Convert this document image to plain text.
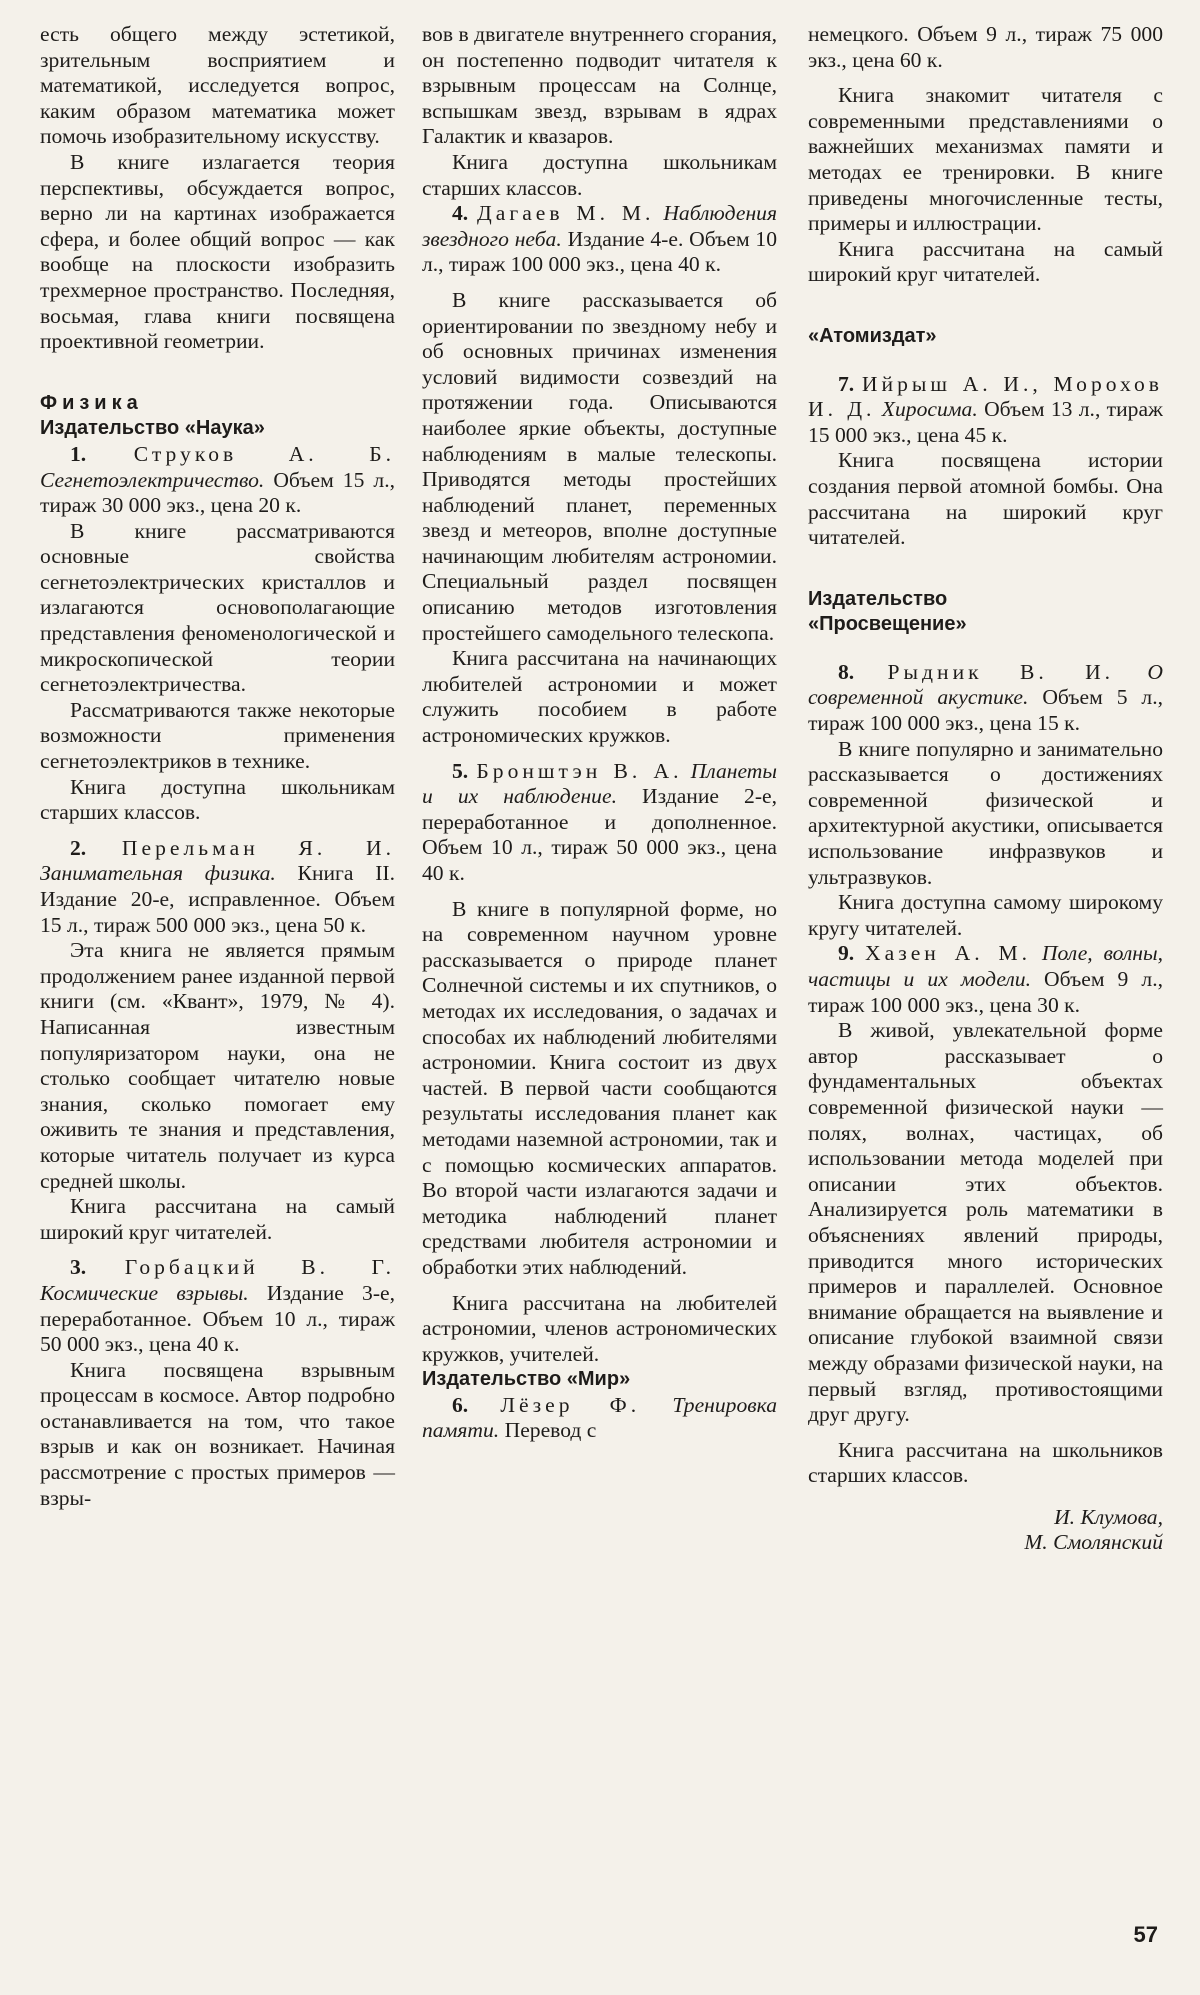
есть общего между эстетикой, зрительным восприятием и математикой, исследуется вопрос, каким образом математика может помочь изобразительному искусству.

В книге излагается теория перспективы, обсуждается вопрос, верно ли на картинах изображается сфера, и более общий вопрос — как вообще на плоскости изобразить трехмерное пространство. Последняя, восьмая, глава книги посвящена проективной геометрии.

Физика

Издательство «Наука»

1. Струков А. Б. Сегнетоэлектричество. Объем 15 л., тираж 30 000 экз., цена 20 к.

В книге рассматриваются основные свойства сегнетоэлектрических кристаллов и излагаются основополагающие представления феноменологической и микроскопической теории сегнетоэлектричества.

Рассматриваются также некоторые возможности применения сегнетоэлектриков в технике.

Книга доступна школьникам старших классов.

2. Перельман Я. И. Занимательная физика. Книга II. Издание 20-е, исправленное. Объем 15 л., тираж 500 000 экз., цена 50 к.

Эта книга не является прямым продолжением ранее изданной первой книги (см. «Квант», 1979, № 4). Написанная известным популяризатором науки, она не столько сообщает читателю новые знания, сколько помогает ему оживить те знания и представления, которые читатель получает из курса средней школы.

Книга рассчитана на самый широкий круг читателей.

3. Горбацкий В. Г. Космические взрывы. Издание 3-е, переработанное. Объем 10 л., тираж 50 000 экз., цена 40 к.

Книга посвящена взрывным процессам в космосе. Автор подробно останавливается на том, что такое взрыв и как он возникает. Начиная рассмотрение с простых примеров — взры-

вов в двигателе внутреннего сгорания, он постепенно подводит читателя к взрывным процессам на Солнце, вспышкам звезд, взрывам в ядрах Галактик и квазаров.

Книга доступна школьникам старших классов.

4. Дагаев М. М. Наблюдения звездного неба. Издание 4-е. Объем 10 л., тираж 100 000 экз., цена 40 к.

В книге рассказывается об ориентировании по звездному небу и об основных причинах изменения условий видимости созвездий на протяжении года. Описываются наиболее яркие объекты, доступные наблюдениям в малые телескопы. Приводятся методы простейших наблюдений планет, переменных звезд и метеоров, вполне доступные начинающим любителям астрономии. Специальный раздел посвящен описанию методов изготовления простейшего самодельного телескопа.

Книга рассчитана на начинающих любителей астрономии и может служить пособием в работе астрономических кружков.

5. Бронштэн В. А. Планеты и их наблюдение. Издание 2-е, переработанное и дополненное. Объем 10 л., тираж 50 000 экз., цена 40 к.

В книге в популярной форме, но на современном научном уровне рассказывается о природе планет Солнечной системы и их спутников, о методах их исследования, о задачах и способах их наблюдений любителями астрономии. Книга состоит из двух частей. В первой части сообщаются результаты исследования планет как методами наземной астрономии, так и с помощью космических аппаратов. Во второй части излагаются задачи и методика наблюдений планет средствами любителя астрономии и обработки этих наблюдений.

Книга рассчитана на любителей астрономии, членов астрономических кружков, учителей.

Издательство «Мир»

6. Лёзер Ф. Тренировка памяти. Перевод с

немецкого. Объем 9 л., тираж 75 000 экз., цена 60 к.

Книга знакомит читателя с современными представлениями о важнейших механизмах памяти и методах ее тренировки. В книге приведены многочисленные тесты, примеры и иллюстрации.

Книга рассчитана на самый широкий круг читателей.

«Атомиздат»

7. Ийрыш А. И., Морохов И. Д. Хиросима. Объем 13 л., тираж 15 000 экз., цена 45 к.

Книга посвящена истории создания первой атомной бомбы. Она рассчитана на широкий круг читателей.

Издательство

«Просвещение»

8. Рыдник В. И. О современной акустике. Объем 5 л., тираж 100 000 экз., цена 15 к.

В книге популярно и занимательно рассказывается о достижениях современной физической и архитектурной акустики, описывается использование инфразвуков и ультразвуков.

Книга доступна самому широкому кругу читателей.

9. Хазен А. М. Поле, волны, частицы и их модели. Объем 9 л., тираж 100 000 экз., цена 30 к.

В живой, увлекательной форме автор рассказывает о фундаментальных объектах современной физической науки — полях, волнах, частицах, об использовании метода моделей при описании этих объектов. Анализируется роль математики в объяснениях явлений природы, приводится много исторических примеров и параллелей. Основное внимание обращается на выявление и описание глубокой взаимной связи между образами физической науки, на первый взгляд, противостоящими друг другу.

Книга рассчитана на школьников старших классов.

И. Клумова,

М. Смолянский

57
